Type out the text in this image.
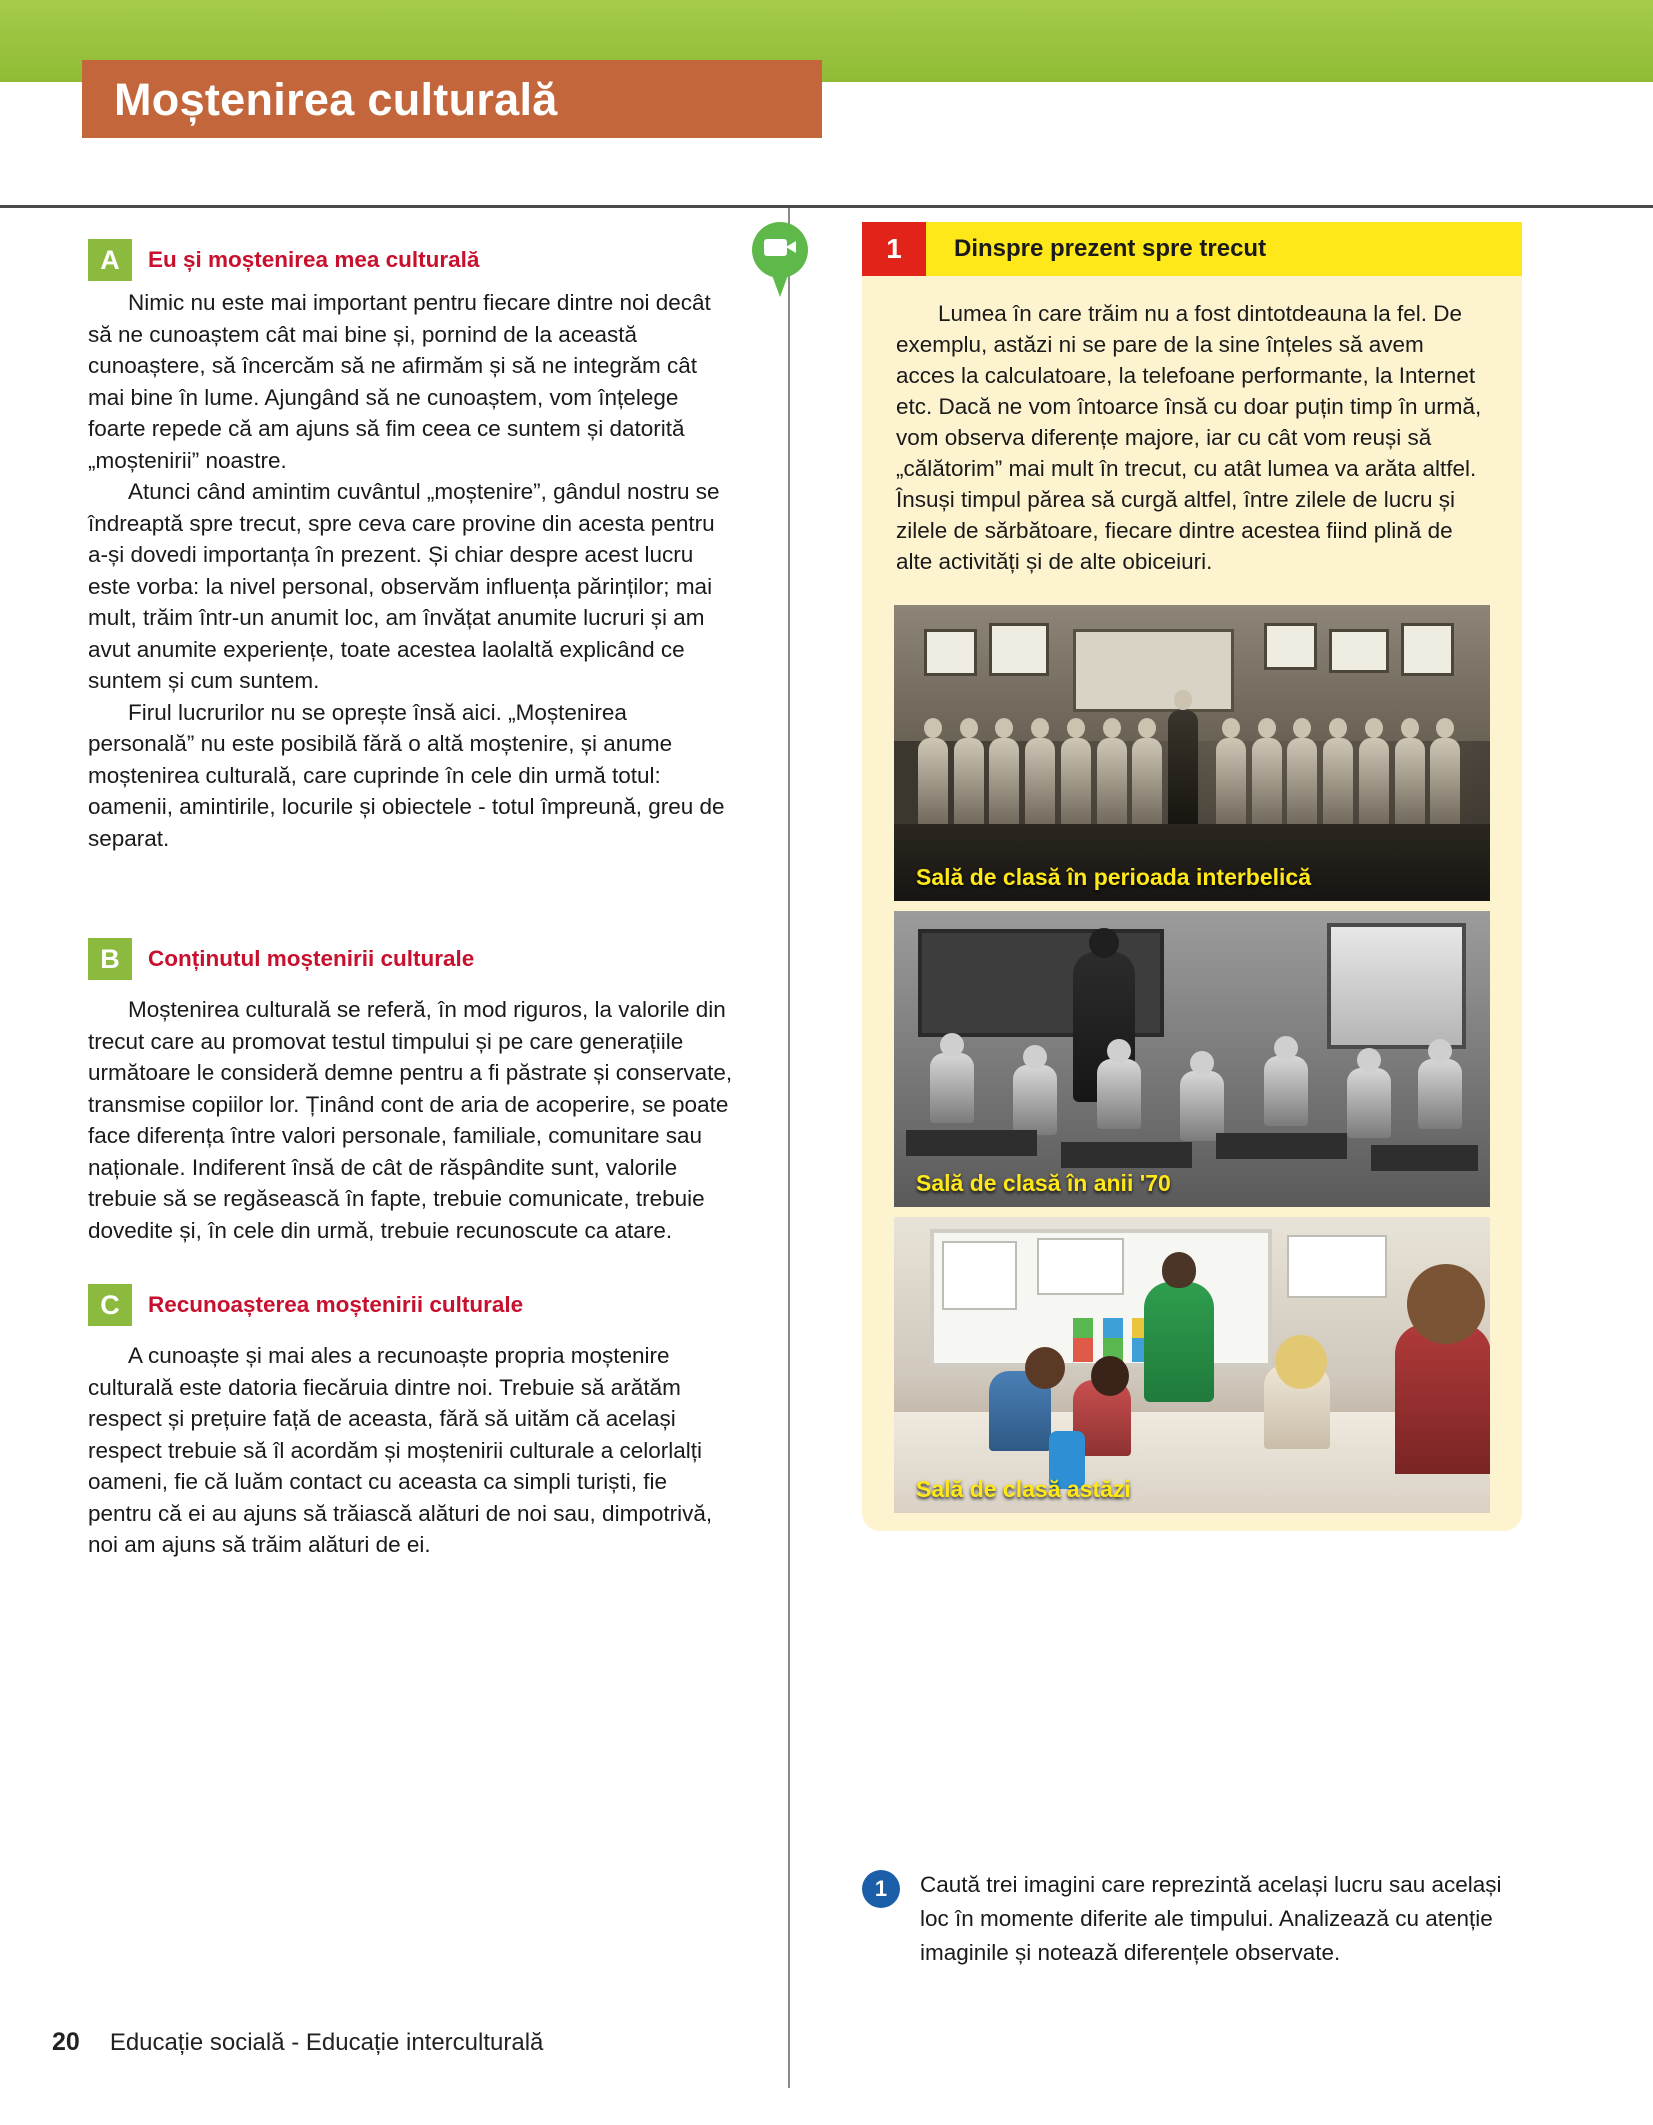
Moștenirea culturală
A	Eu și moștenirea mea culturală

Nimic nu este mai important pentru fiecare dintre noi decât să ne cunoaștem cât mai bine și, pornind de la această cunoaștere, să încercăm să ne afirmăm și să ne integrăm cât mai bine în lume. Ajungând să ne cunoaștem, vom înțelege foarte repede că am ajuns să fim ceea ce suntem și datorită „moștenirii” noastre.

Atunci când amintim cuvântul „moștenire”, gândul nostru se îndreaptă spre trecut, spre ceva care provine din acesta pentru a-și dovedi importanța în prezent. Și chiar despre acest lucru este vorba: la nivel personal, observăm influența părinților; mai mult, trăim într-un anumit loc, am învățat anumite lucruri și am avut anumite experiențe, toate acestea laolaltă explicând ce suntem și cum suntem.

Firul lucrurilor nu se oprește însă aici. „Moștenirea personală” nu este posibilă fără o altă moștenire, și anume moștenirea culturală, care cuprinde în cele din urmă totul: oamenii, amintirile, locurile și obiectele - totul împreună, greu de separat.

B	Conținutul moștenirii culturale

Moștenirea culturală se referă, în mod riguros, la valorile din trecut care au promovat testul timpului și pe care generațiile următoare le consideră demne pentru a fi păstrate și conservate, transmise copiilor lor. Ținând cont de aria de acoperire, se poate face diferența între valori personale, familiale, comunitare sau naționale. Indiferent însă de cât de răspândite sunt, valorile trebuie să se regăsească în fapte, trebuie comunicate, trebuie dovedite și, în cele din urmă, trebuie recunoscute ca atare.

C	Recunoașterea moștenirii culturale

A cunoaște și mai ales a recunoaște propria moștenire culturală este datoria fiecăruia dintre noi. Trebuie să arătăm respect și prețuire față de aceasta, fără să uităm că același respect trebuie să îl acordăm și moștenirii culturale a celorlalți oameni, fie că luăm contact cu aceasta ca simpli turiști, fie pentru că ei au ajuns să trăiască alături de noi sau, dimpotrivă, noi am ajuns să trăim alături de ei.

1	Dinspre prezent spre trecut

Lumea în care trăim nu a fost dintotdeauna la fel. De exemplu, astăzi ni se pare de la sine înțeles să avem acces la calculatoare, la telefoane performante, la Internet etc. Dacă ne vom întoarce însă cu doar puțin timp în urmă, vom observa diferențe majore, iar cu cât vom reuși să „călătorim” mai mult în trecut, cu atât lumea va arăta altfel. Însuși timpul părea să curgă altfel, între zilele de lucru și zilele de sărbătoare, fiecare dintre acestea fiind plină de alte activități și de alte obiceiuri.

Sală de clasă în perioada interbelică
Sală de clasă în anii '70
Sală de clasă astăzi
1	Caută trei imagini care reprezintă același lucru sau același loc în momente diferite ale timpului. Analizează cu atenție imaginile și notează diferențele observate.
20 Educație socială - Educație interculturală
